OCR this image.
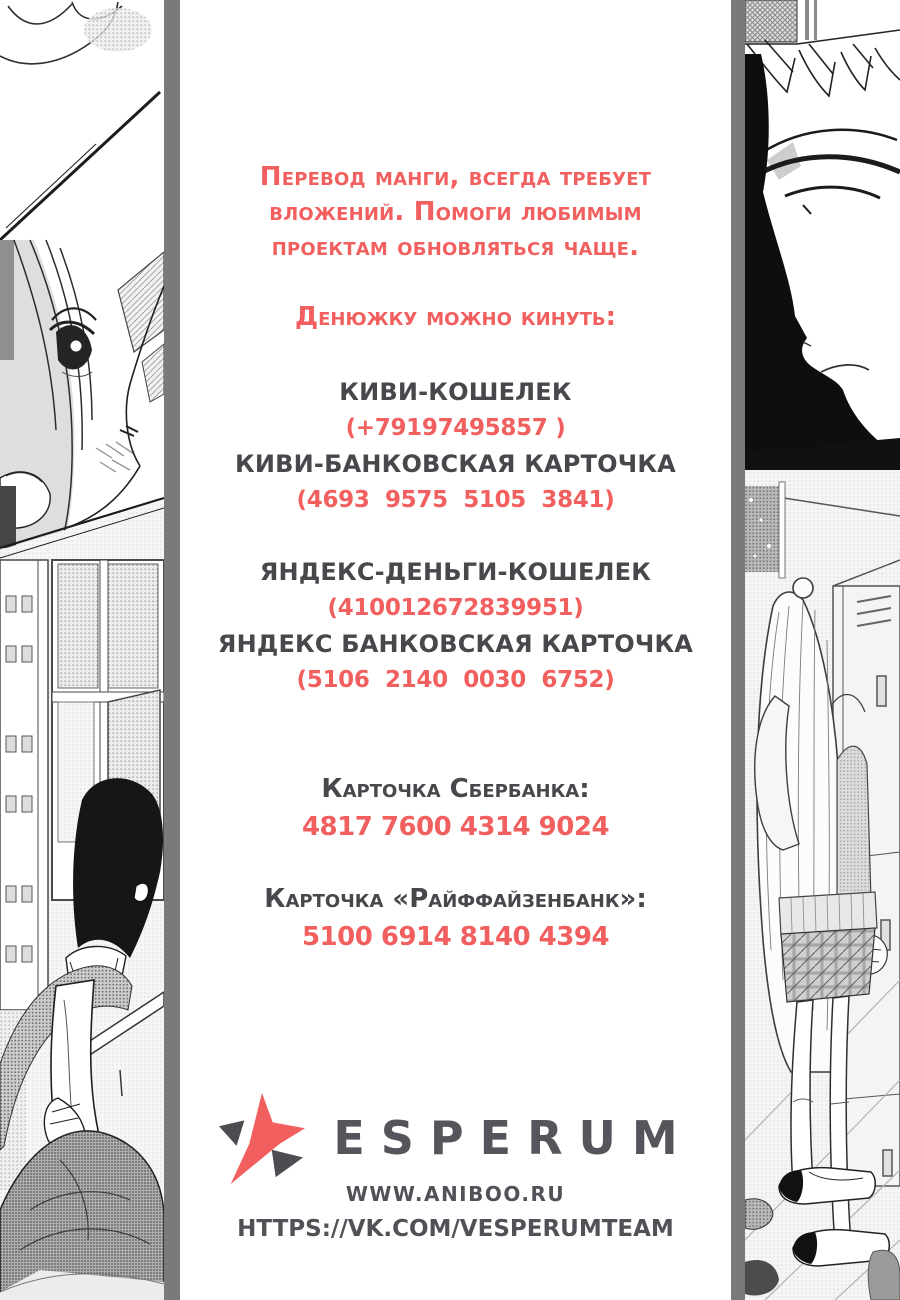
Перевод манги, всегда требует
вложений. Помоги любимым
проектам обновляться чаще.
Денюжку можно кинуть:
КИВИ-КОШЕЛЕК
(+79197495857 )
КИВИ-БАНКОВСКАЯ КАРТОЧКА
(4693  9575  5105  3841)
ЯНДЕКС-ДЕНЬГИ-КОШЕЛЕК
(410012672839951)
ЯНДЕКС БАНКОВСКАЯ КАРТОЧКА
(5106  2140  0030  6752)
Карточка Сбербанка:
4817 7600 4314 9024
Карточка «Райффайзенбанк»:
5100 6914 8140 4394
ESPERUM
WWW.ANIBOO.RU
HTTPS://VK.COM/VESPERUMTEAM
